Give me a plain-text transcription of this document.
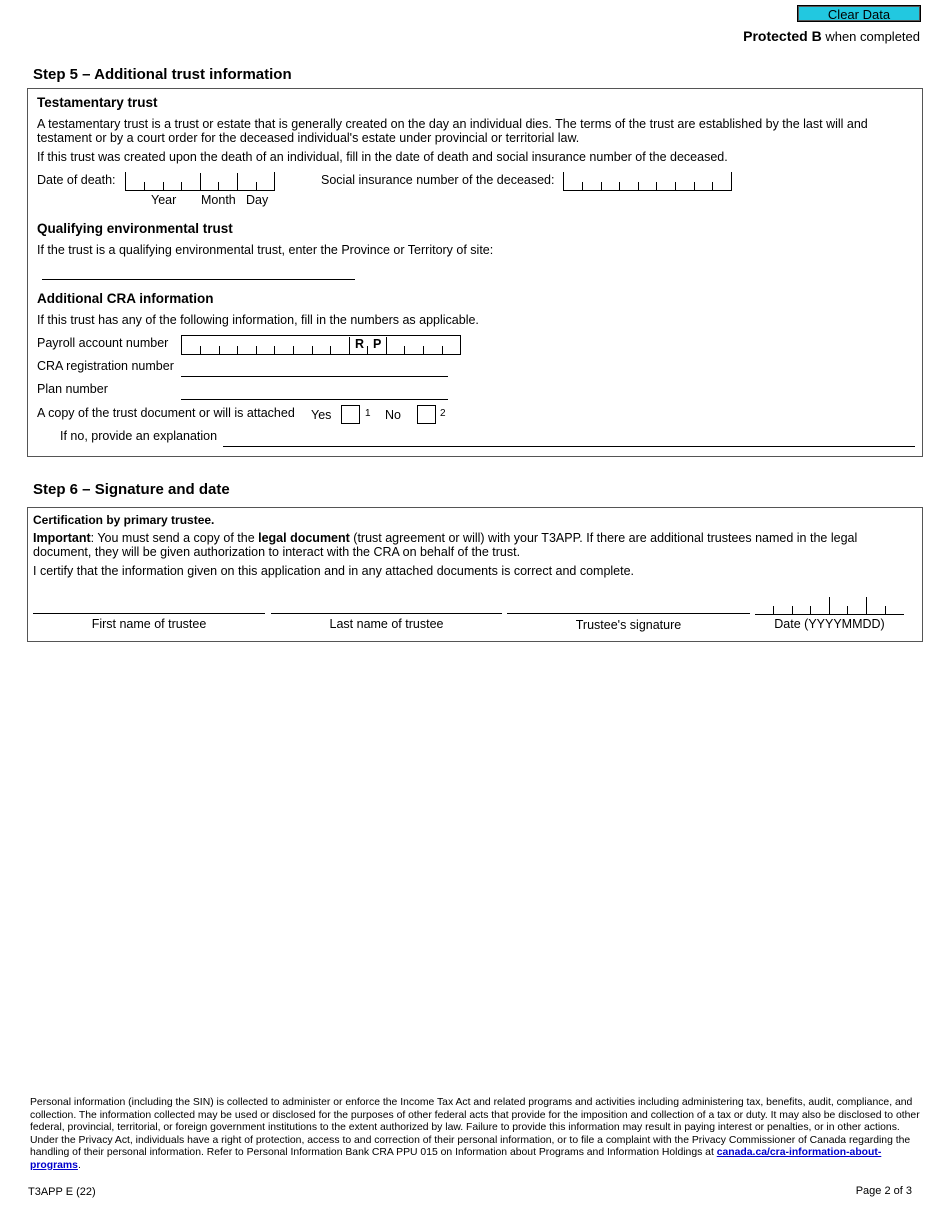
Clear Data
Protected B when completed
Step 5 – Additional trust information
Testamentary trust
A testamentary trust is a trust or estate that is generally created on the day an individual dies. The terms of the trust are established by the last will and testament or by a court order for the deceased individual's estate under provincial or territorial law.
If this trust was created upon the death of an individual, fill in the date of death and social insurance number of the deceased.
Date of death:
Year Month Day
Social insurance number of the deceased:
Qualifying environmental trust
If the trust is a qualifying environmental trust, enter the Province or Territory of site:
Additional CRA information
If this trust has any of the following information, fill in the numbers as applicable.
Payroll account number	R P
CRA registration number
Plan number
A copy of the trust document or will is attached Yes	1 No	2
If no, provide an explanation
Step 6 – Signature and date
Certification by primary trustee.
Important: You must send a copy of the legal document (trust agreement or will) with your T3APP. If there are additional trustees named in the legal document, they will be given authorization to interact with the CRA on behalf of the trust.
I certify that the information given on this application and in any attached documents is correct and complete.
First name of trustee	Last name of trustee	Trustee's signature	Date (YYYYMMDD)
Personal information (including the SIN) is collected to administer or enforce the Income Tax Act and related programs and activities including administering tax, benefits, audit, compliance, and collection. The information collected may be used or disclosed for the purposes of other federal acts that provide for the imposition and collection of a tax or duty. It may also be disclosed to other federal, provincial, territorial, or foreign government institutions to the extent authorized by law. Failure to provide this information may result in paying interest or penalties, or in other actions. Under the Privacy Act, individuals have a right of protection, access to and correction of their personal information, or to file a complaint with the Privacy Commissioner of Canada regarding the handling of their personal information. Refer to Personal Information Bank CRA PPU 015 on Information about Programs and Information Holdings at canada.ca/cra-information-about-programs.
T3APP E (22)	Page 2 of 3
